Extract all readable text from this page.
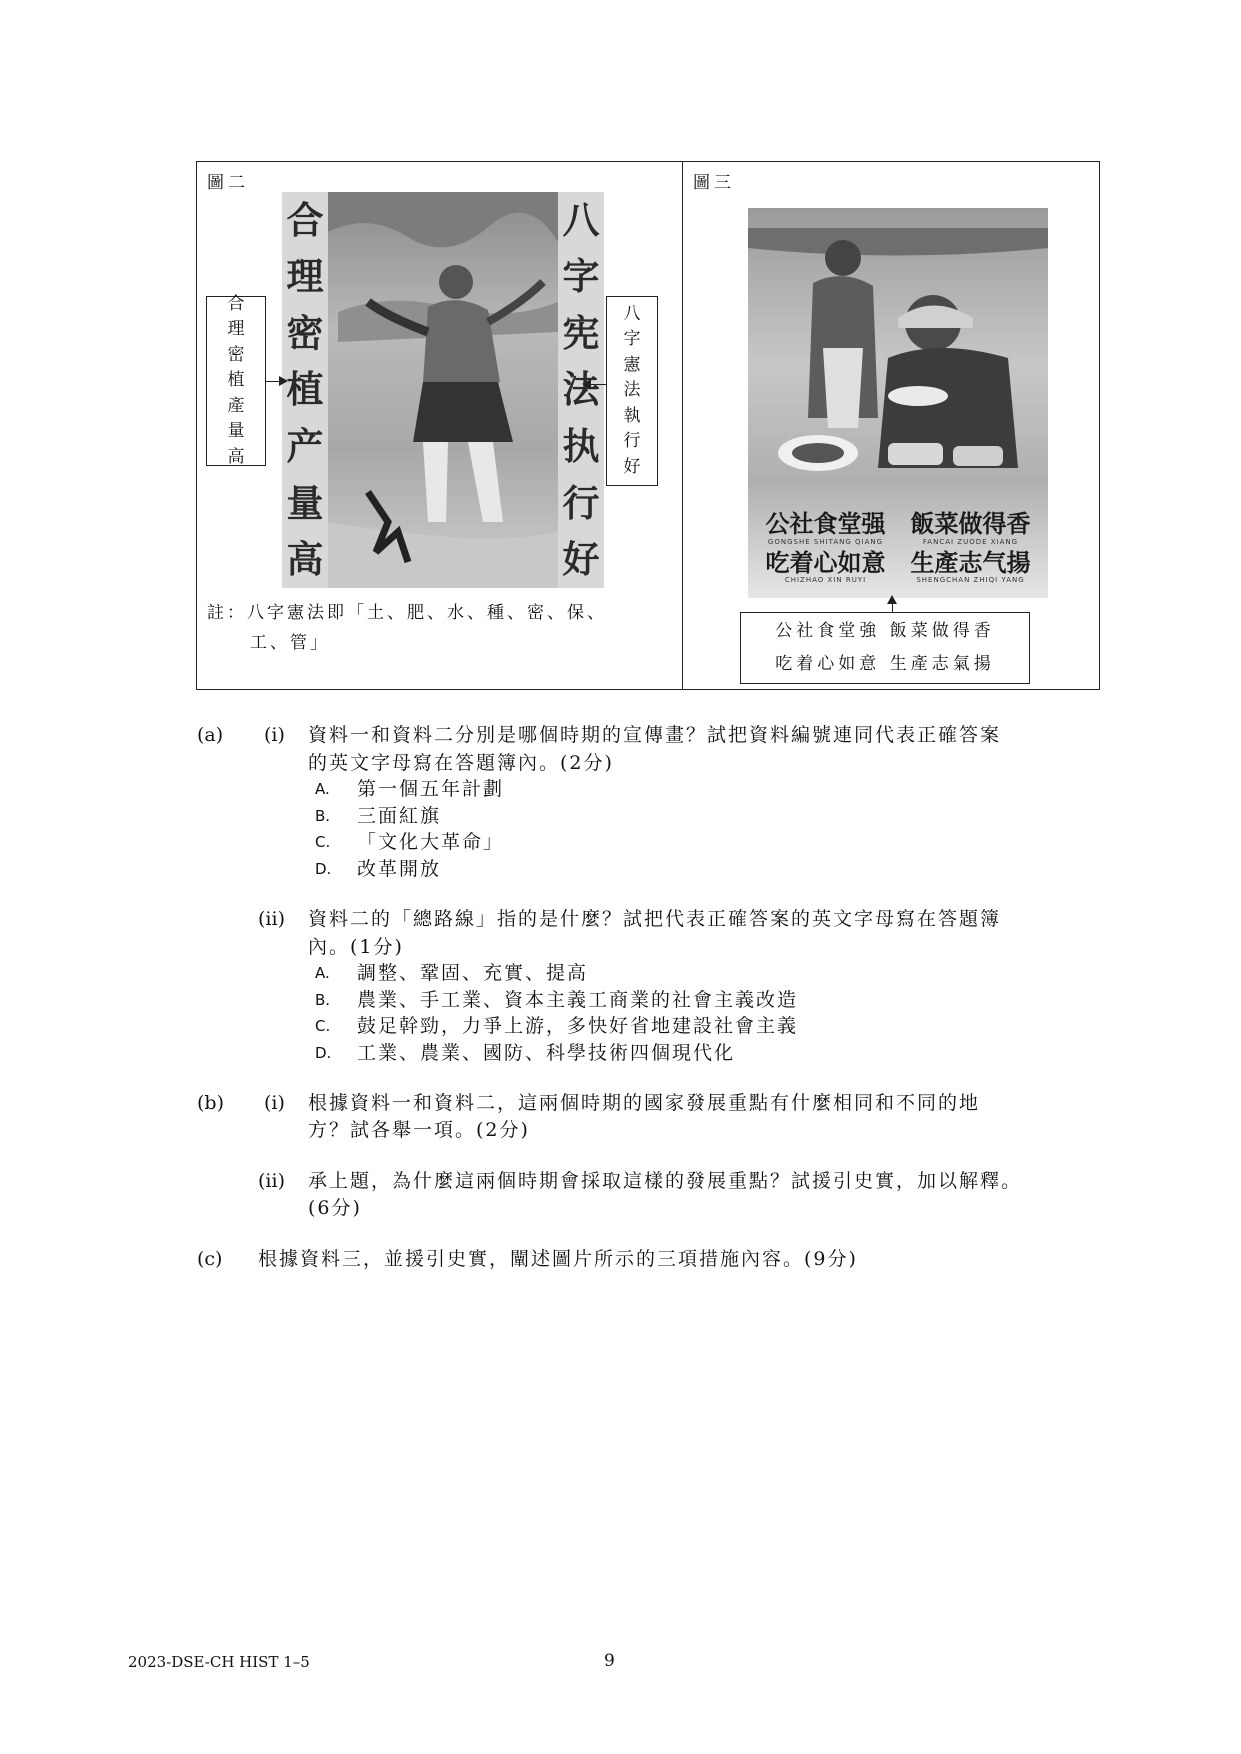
圖二
合
理
密
植
产
量
高
八
字
宪
法
执
行
好
合
理
密
植
產
量
高
八
字
憲
法
執
行
好
註：八字憲法即「土、肥、水、種、密、保、
工、管」
圖三
公社食堂强
GONGSHE SHITANG QIANG
飯菜做得香
FANCAI ZUODE XIANG
吃着心如意
CHIZHAO XIN RUYI
生產志气揚
SHENGCHAN ZHIQI YANG
公社食堂強 飯菜做得香
吃着心如意 生產志氣揚
(a) (i) 資料一和資料二分別是哪個時期的宣傳畫？試把資料編號連同代表正確答案
的英文字母寫在答題簿內。(2分)
A. 第一個五年計劃
B. 三面紅旗
C. 「文化大革命」
D. 改革開放
(ii) 資料二的「總路線」指的是什麼？試把代表正確答案的英文字母寫在答題簿
內。(1分)
A. 調整、鞏固、充實、提高
B. 農業、手工業、資本主義工商業的社會主義改造
C. 鼓足幹勁，力爭上游，多快好省地建設社會主義
D. 工業、農業、國防、科學技術四個現代化
(b) (i) 根據資料一和資料二，這兩個時期的國家發展重點有什麼相同和不同的地
方？試各舉一項。(2分)
(ii) 承上題，為什麼這兩個時期會採取這樣的發展重點？試援引史實，加以解釋。
(6分)
(c) 根據資料三，並援引史實，闡述圖片所示的三項措施內容。(9分)
2023-DSE-CH HIST 1–5	9
